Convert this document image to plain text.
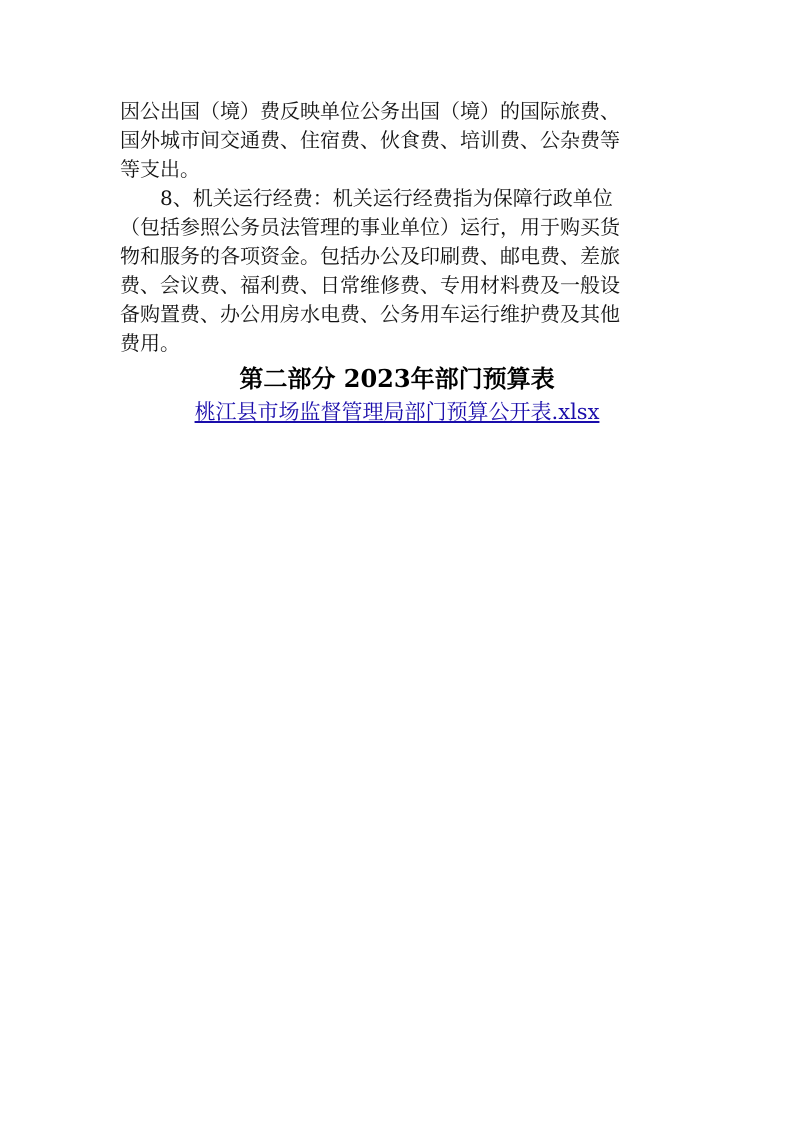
因公出国（境）费反映单位公务出国（境）的国际旅费、
国外城市间交通费、住宿费、伙食费、培训费、公杂费等
等支出。
　　8、机关运行经费：机关运行经费指为保障行政单位
（包括参照公务员法管理的事业单位）运行，用于购买货
物和服务的各项资金。包括办公及印刷费、邮电费、差旅
费、会议费、福利费、日常维修费、专用材料费及一般设
备购置费、办公用房水电费、公务用车运行维护费及其他
费用。
第二部分 2023年部门预算表

桃江县市场监督管理局部门预算公开表.xlsx
